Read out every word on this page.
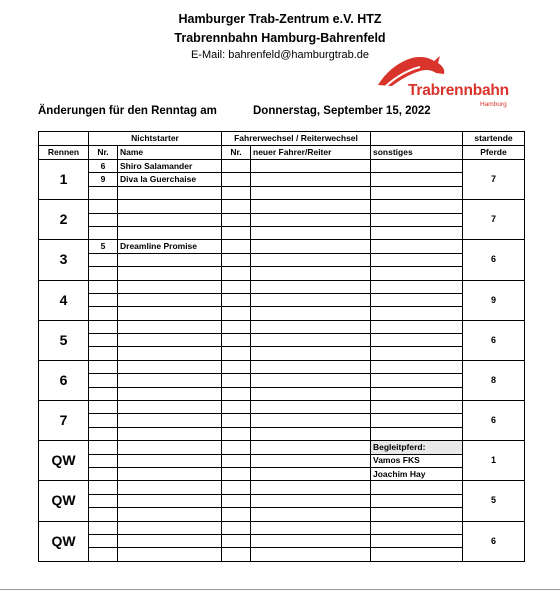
Hamburger Trab-Zentrum e.V. HTZ
Trabrennbahn Hamburg-Bahrenfeld
E-Mail: bahrenfeld@hamburgtrab.de
Trabrennbahn
Hamburg
Änderungen für den Renntag am	Donnerstag, September 15, 2022
	Nichtstarter		Fahrerwechsel / Reiterwechsel			startende
Rennen	Nr.	Name	Nr.	neuer Fahrer/Reiter	sonstiges	Pferde
1	6	Shiro Salamander				7
	9	Diva la Guerchaise				

2						7

3	5	Dreamline Promise				6

4						9

5						6

6						8

7						6

QW					Begleitpferd:	1
					Vamos FKS	
					Joachim Hay	
QW						5

QW						6
